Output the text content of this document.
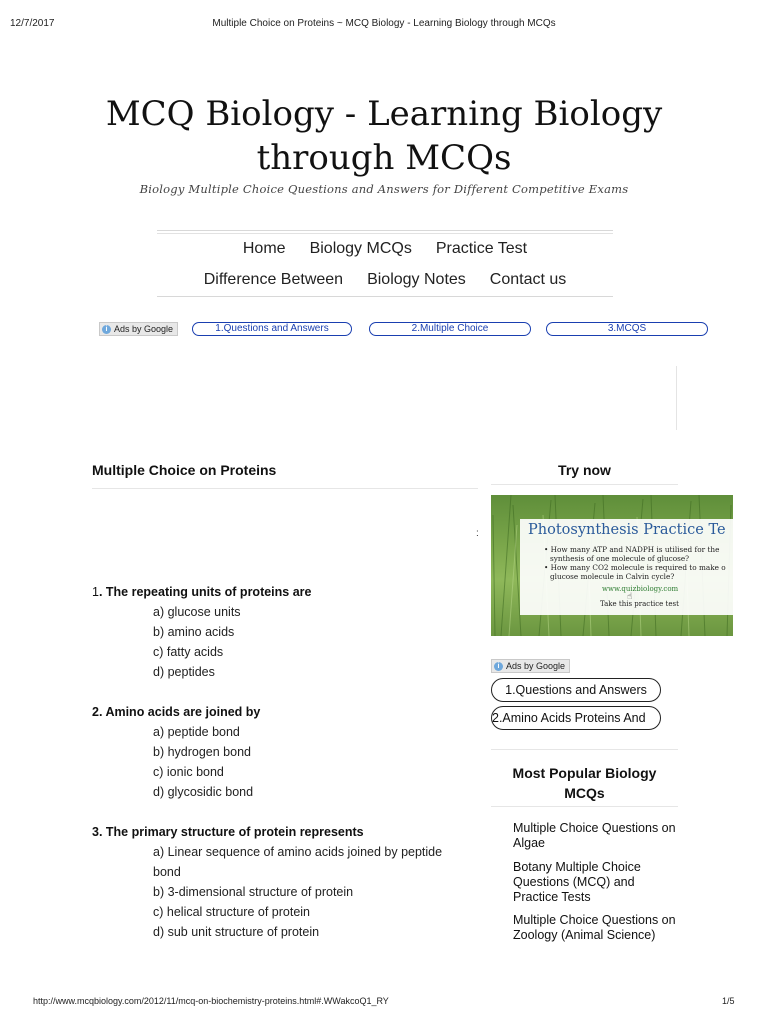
12/7/2017	Multiple Choice on Proteins ~ MCQ Biology - Learning Biology through MCQs
MCQ Biology - Learning Biology
through MCQs
Biology Multiple Choice Questions and Answers for Different Competitive Exams
Home Biology MCQs Practice Test
Difference Between Biology Notes Contact us
i Ads by Google	1.Questions and Answers	2.Multiple Choice	3.MCQS
Multiple Choice on Proteins
:
1. The repeating units of proteins are
a) glucose units
b) amino acids
c) fatty acids
d) peptides
2. Amino acids are joined by
a) peptide bond
b) hydrogen bond
c) ionic bond
d) glycosidic bond
3. The primary structure of protein represents
a) Linear sequence of amino acids joined by peptide bond
b) 3-dimensional structure of protein
c) helical structure of protein
d) sub unit structure of protein
Try now
Photosynthesis Practice Te
• How many ATP and NADPH is utilised for the
synthesis of one molecule of glucose?
• How many CO2 molecule is required to make o
glucose molecule in Calvin cycle?
www.quizbiology.com
☝
Take this practice test
i Ads by Google
1.Questions and Answers
2.Amino Acids Proteins And
Most Popular Biology
MCQs
Multiple Choice Questions on Algae
Botany Multiple Choice Questions (MCQ) and Practice Tests
Multiple Choice Questions on Zoology (Animal Science)
http://www.mcqbiology.com/2012/11/mcq-on-biochemistry-proteins.html#.WWakcoQ1_RY	1/5
